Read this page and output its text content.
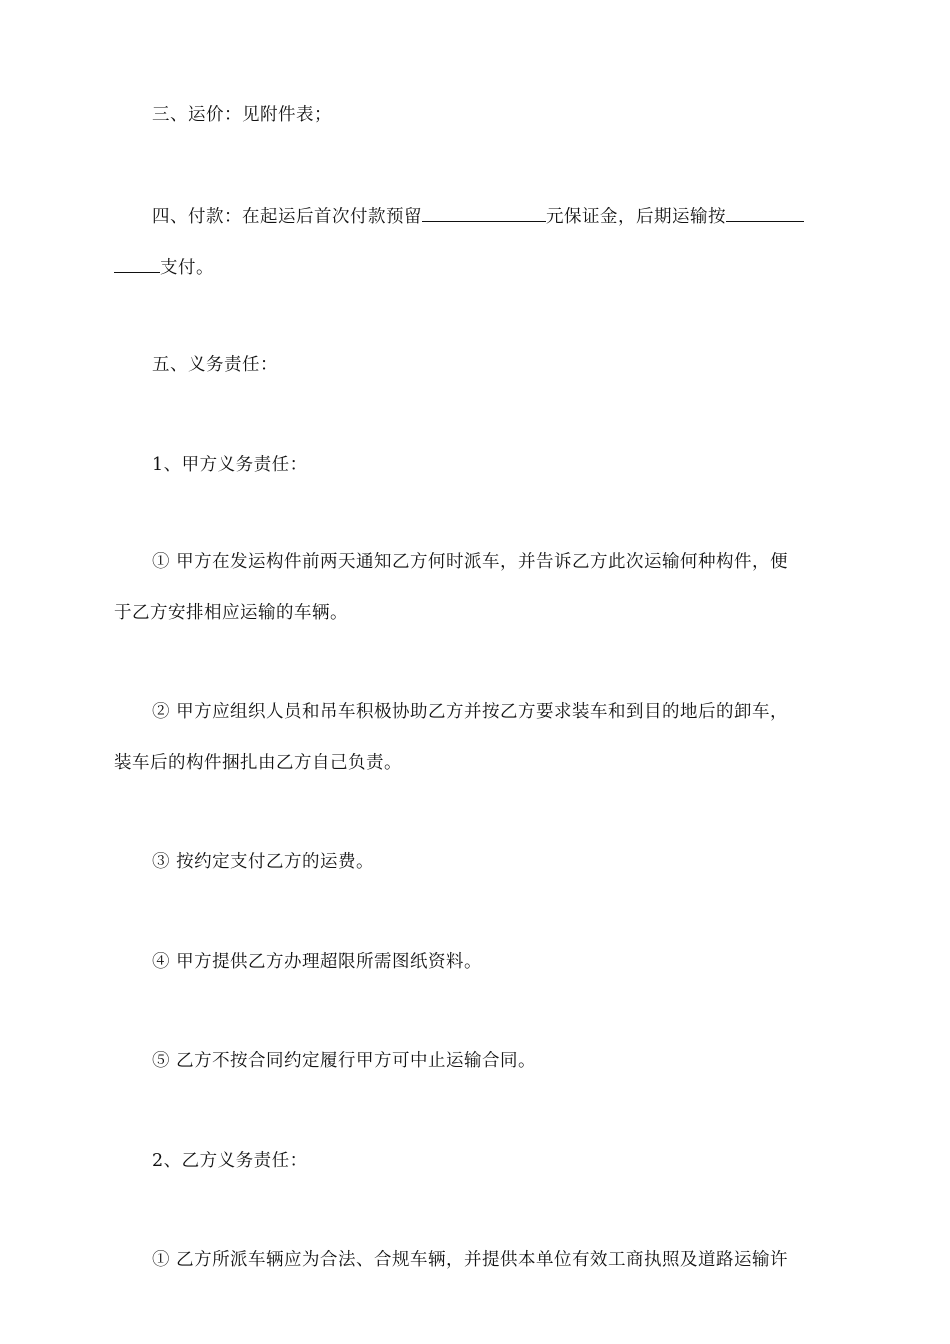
三、运价：见附件表；
四、付款：在起运后首次付款预留	元保证金，后期运输按
支付。
五、义务责任：
1、甲方义务责任：
① 甲方在发运构件前两天通知乙方何时派车，并告诉乙方此次运输何种构件，便
于乙方安排相应运输的车辆。
② 甲方应组织人员和吊车积极协助乙方并按乙方要求装车和到目的地后的卸车，
装车后的构件捆扎由乙方自己负责。
③ 按约定支付乙方的运费。
④ 甲方提供乙方办理超限所需图纸资料。
⑤ 乙方不按合同约定履行甲方可中止运输合同。
2、乙方义务责任：
① 乙方所派车辆应为合法、合规车辆，并提供本单位有效工商执照及道路运输许
